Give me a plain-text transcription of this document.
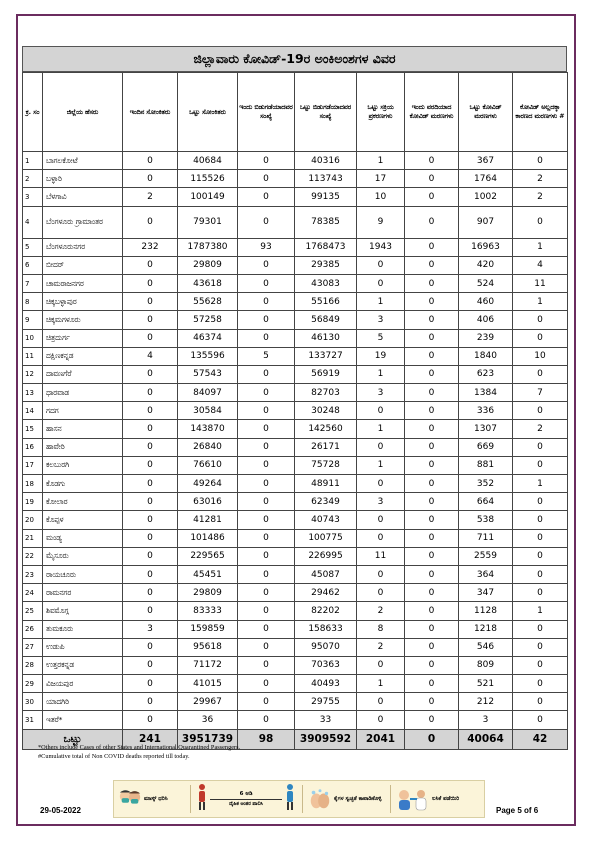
ಜಿಲ್ಲಾವಾರು ಕೋವಿಡ್-19ರ ಅಂಕಿಅಂಶಗಳ ವಿವರ
ಕ್ರ. ಸಂ	ಜಿಲ್ಲೆಯ ಹೆಸರು	ಇಂದಿನ ಸೋಂಕಿತರು	ಒಟ್ಟು ಸೋಂಕಿತರು	ಇಂದು ಬಿಡುಗಡೆಯಾದವರ ಸಂಖ್ಯೆ	ಒಟ್ಟು ಬಿಡುಗಡೆಯಾದವರ ಸಂಖ್ಯೆ	ಒಟ್ಟು ಸಕ್ರಿಯ ಪ್ರಕರಣಗಳು	ಇಂದು ವರದಿಯಾದ ಕೋವಿಡ್ ಮರಣಗಳು	ಒಟ್ಟು ಕೋವಿಡ್ ಮರಣಗಳು	ಕೋವಿಡ್ ಅಲ್ಲದಕ್ಕಾ ಕಾರಣದ ಮರಣಗಳು #
1	ಬಾಗಲಕೋಟೆ	0	40684	0	40316	1	0	367	0
2	ಬಳ್ಳಾರಿ	0	115526	0	113743	17	0	1764	2
3	ಬೆಳಗಾವಿ	2	100149	0	99135	10	0	1002	2
4	ಬೆಂಗಳೂರು ಗ್ರಾಮಾಂತರ	0	79301	0	78385	9	0	907	0
5	ಬೆಂಗಳೂರುನಗರ	232	1787380	93	1768473	1943	0	16963	1
6	ಬೀದರ್	0	29809	0	29385	0	0	420	4
7	ಚಾಮರಾಜನಗರ	0	43618	0	43083	0	0	524	11
8	ಚಿಕ್ಕಬಳ್ಳಾಪುರ	0	55628	0	55166	1	0	460	1
9	ಚಿಕ್ಕಮಗಳೂರು	0	57258	0	56849	3	0	406	0
10	ಚಿತ್ರದುರ್ಗ	0	46374	0	46130	5	0	239	0
11	ದಕ್ಷಿಣಕನ್ನಡ	4	135596	5	133727	19	0	1840	10
12	ದಾವಣಗೆರೆ	0	57543	0	56919	1	0	623	0
13	ಧಾರವಾಡ	0	84097	0	82703	3	0	1384	7
14	ಗದಗ	0	30584	0	30248	0	0	336	0
15	ಹಾಸನ	0	143870	0	142560	1	0	1307	2
16	ಹಾವೇರಿ	0	26840	0	26171	0	0	669	0
17	ಕಲಬುರಗಿ	0	76610	0	75728	1	0	881	0
18	ಕೊಡಗು	0	49264	0	48911	0	0	352	1
19	ಕೋಲಾರ	0	63016	0	62349	3	0	664	0
20	ಕೊಪ್ಪಳ	0	41281	0	40743	0	0	538	0
21	ಮಂಡ್ಯ	0	101486	0	100775	0	0	711	0
22	ಮೈಸೂರು	0	229565	0	226995	11	0	2559	0
23	ರಾಯಚೂರು	0	45451	0	45087	0	0	364	0
24	ರಾಮನಗರ	0	29809	0	29462	0	0	347	0
25	ಶಿವಮೊಗ್ಗ	0	83333	0	82202	2	0	1128	1
26	ತುಮಕೂರು	3	159859	0	158633	8	0	1218	0
27	ಉಡುಪಿ	0	95618	0	95070	2	0	546	0
28	ಉತ್ತರಕನ್ನಡ	0	71172	0	70363	0	0	809	0
29	ವಿಜಯಪುರ	0	41015	0	40493	1	0	521	0
30	ಯಾದಗಿರಿ	0	29967	0	29755	0	0	212	0
31	ಇತರೆ*	0	36	0	33	0	0	3	0
ಒಟ್ಟು		241	3951739	98	3909592	2041	0	40064	42
*Others include Cases of other States and International Quarantined Passengers.
#Cumulative total of Non COVID deaths reported till today.
ಮಾಸ್ಕ್ ಧರಿಸಿ
6 ಅಡಿ
ದೈಹಿಕ ಅಂತರ ಪಾಲಿಸಿ
ಕೈಗಳ ಸ್ವಚ್ಛತೆ ಕಾಪಾಡಿಕೊಳ್ಳಿ	ಲಸಿಕೆ ಪಡೆಯಿರಿ
29-05-2022	Page 5 of 6
